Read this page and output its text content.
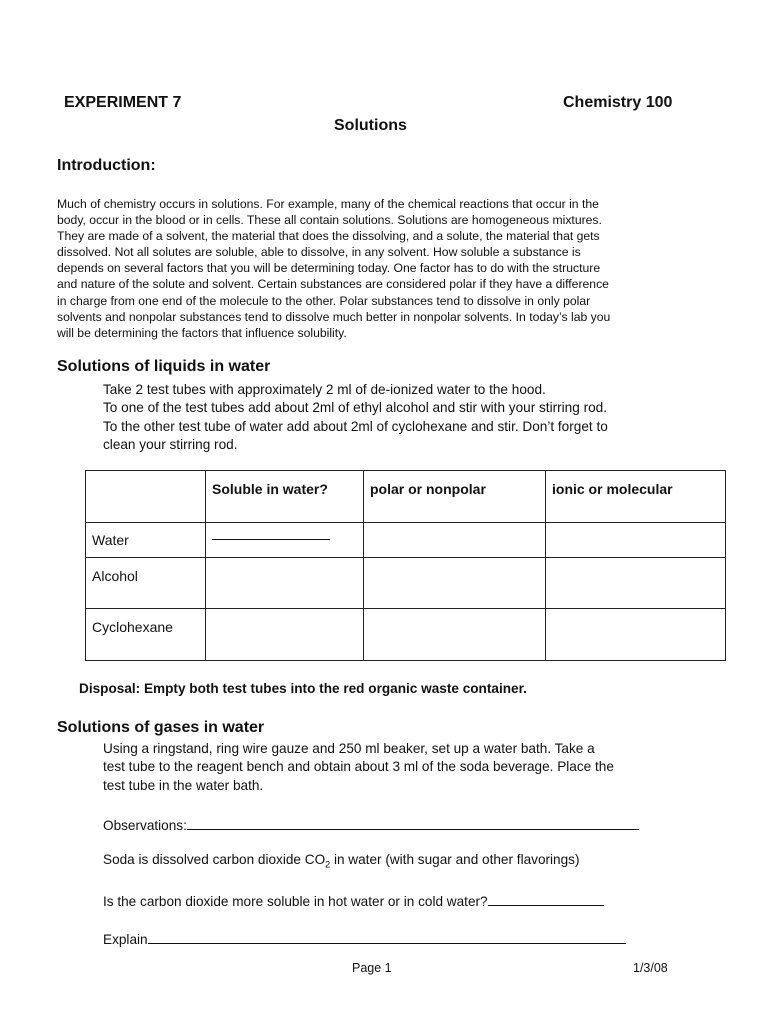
EXPERIMENT 7	Chemistry 100
Solutions
Introduction:

Much of chemistry occurs in solutions. For example, many of the chemical reactions that occur in the

body, occur in the blood or in cells. These all contain solutions. Solutions are homogeneous mixtures.

They are made of a solvent, the material that does the dissolving, and a solute, the material that gets

dissolved. Not all solutes are soluble, able to dissolve, in any solvent. How soluble a substance is

depends on several factors that you will be determining today. One factor has to do with the structure

and nature of the solute and solvent. Certain substances are considered polar if they have a difference

in charge from one end of the molecule to the other. Polar substances tend to dissolve in only polar

solvents and nonpolar substances tend to dissolve much better in nonpolar solvents. In today’s lab you

will be determining the factors that influence solubility.

Solutions of liquids in water

Take 2 test tubes with approximately 2 ml of de-ionized water to the hood.

To one of the test tubes add about 2ml of ethyl alcohol and stir with your stirring rod.

To the other test tube of water add about 2ml of cyclohexane and stir. Don’t forget to

clean your stirring rod.

	Soluble in water?	polar or nonpolar	ionic or molecular
Water	

Alcohol			
Cyclohexane			
Disposal: Empty both test tubes into the red organic waste container.
Solutions of gases in water

Using a ringstand, ring wire gauze and 250 ml beaker, set up a water bath. Take a

test tube to the reagent bench and obtain about 3 ml of the soda beverage. Place the

test tube in the water bath.

Observations:
Soda is dissolved carbon dioxide $CO_2$ in water (with sugar and other flavorings)
Is the carbon dioxide more soluble in hot water or in cold water?
Explain
Page 1	1/3/08
